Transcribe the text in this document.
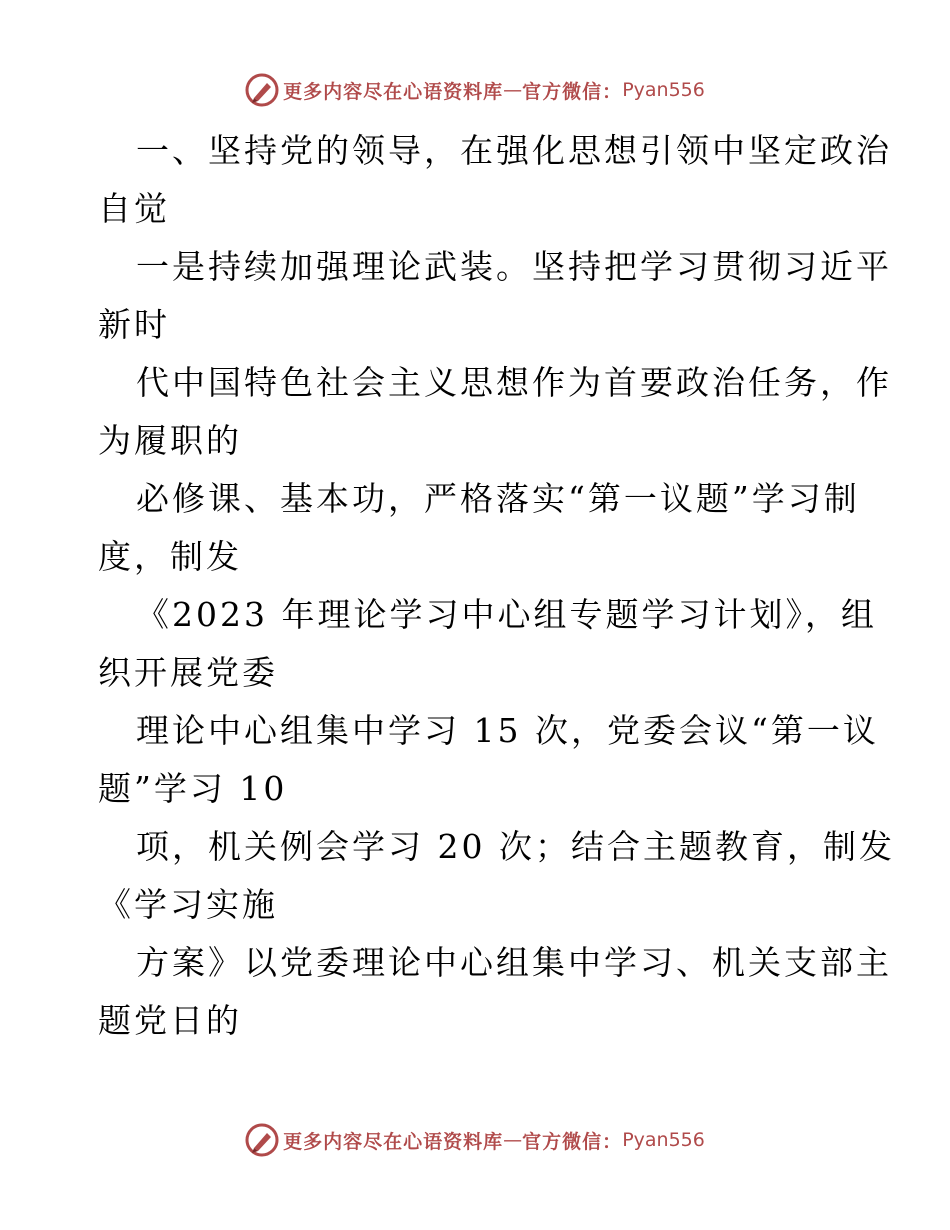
更多内容尽在心语资料库 — 官方微信： Pyan556
一、坚持党的领导，在强化思想引领中坚定政治
自觉
一是持续加强理论武装。坚持把学习贯彻习近平
新时
代中国特色社会主义思想作为首要政治任务，作
为履职的
必修课、基本功，严格落实“第一议题”学习制
度，制发
《2023 年理论学习中心组专题学习计划》，组
织开展党委
理论中心组集中学习 15 次，党委会议“第一议
题”学习 10
项，机关例会学习 20 次；结合主题教育，制发
《学习实施
方案》以党委理论中心组集中学习、机关支部主
题党日的
更多内容尽在心语资料库 — 官方微信： Pyan556
